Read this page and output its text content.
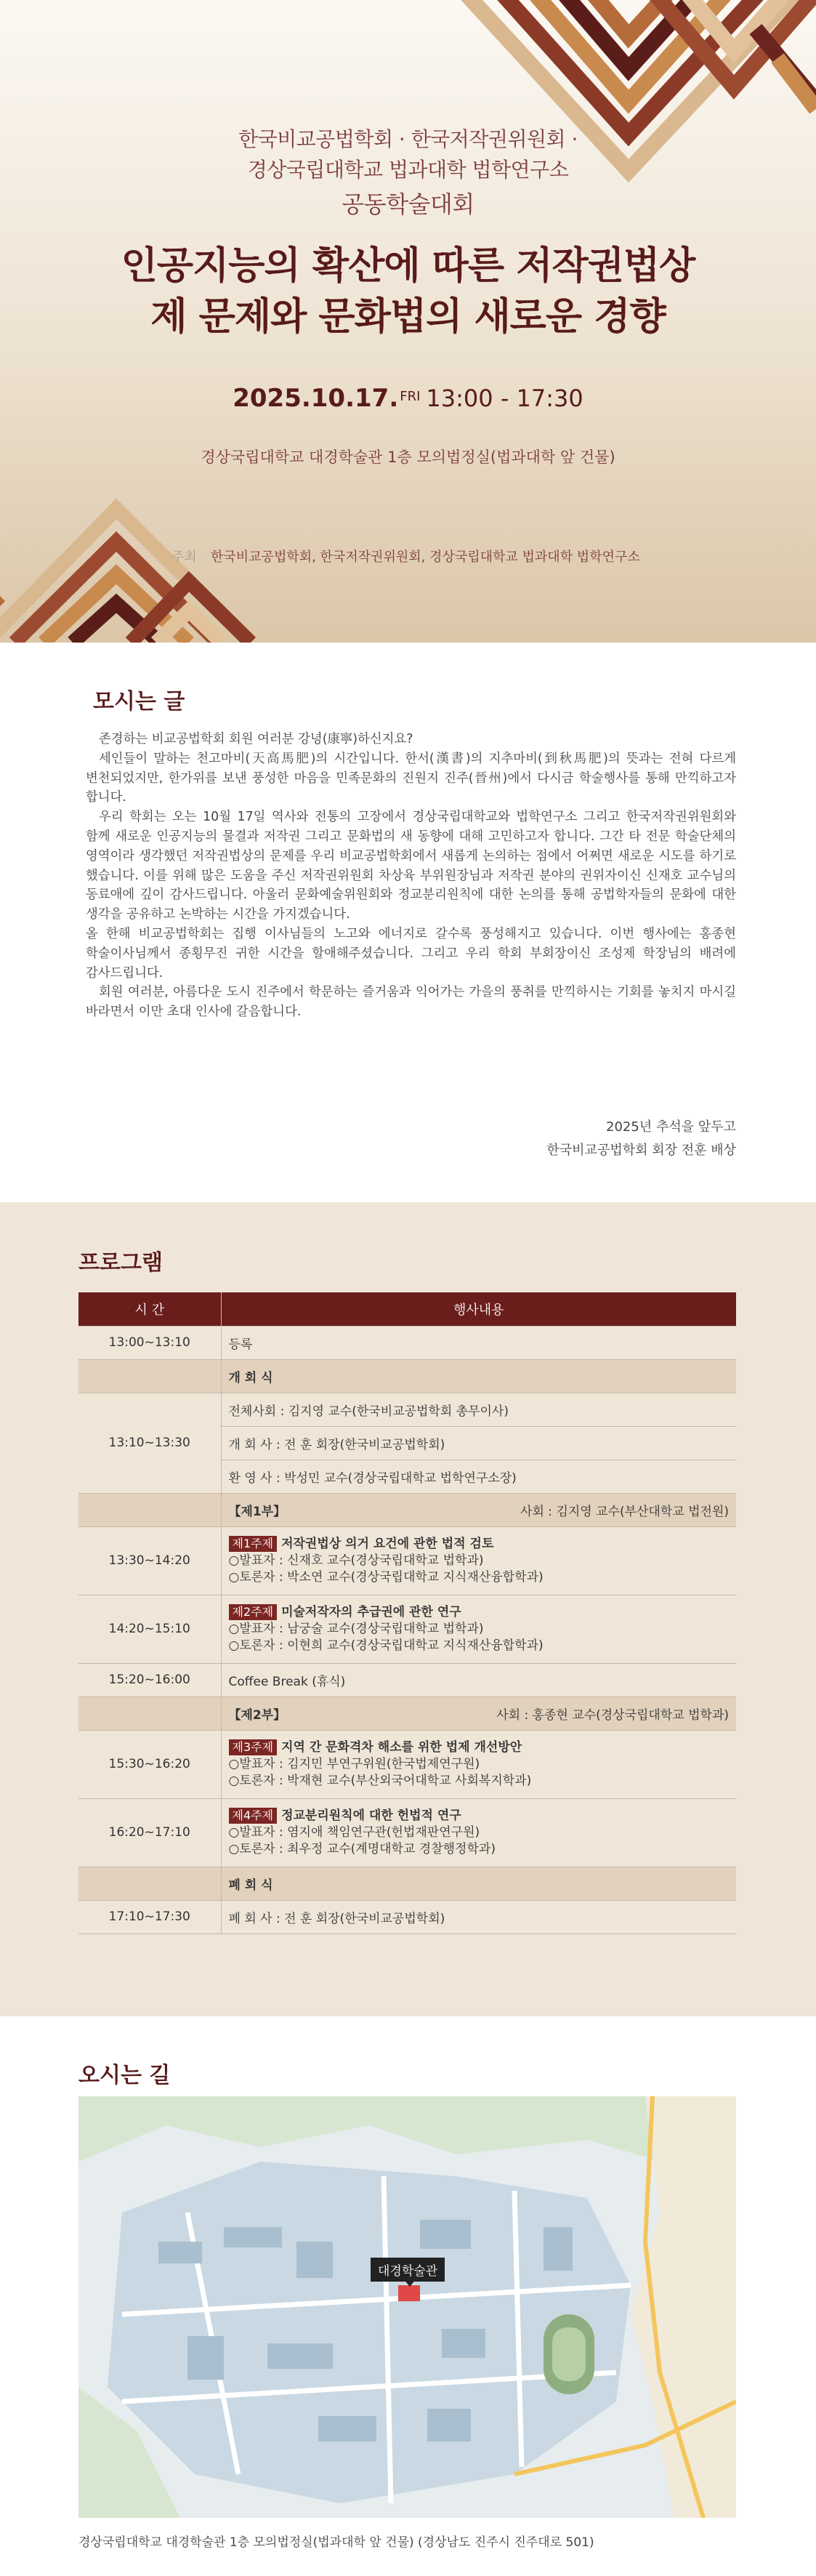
한국비교공법학회 · 한국저작권위원회 ·
경상국립대학교 법과대학 법학연구소
공동학술대회
인공지능의 확산에 따른 저작권법상
제 문제와 문화법의 새로운 경향
2025.10.17. $^{FRI}$ 13:00 - 17:30
경상국립대학교 대경학술관 1층 모의법정실(법과대학 앞 건물)
주최 한국비교공법학회, 한국저작권위원회, 경상국립대학교 법과대학 법학연구소
모시는 글

존경하는 비교공법학회 회원 여러분 강녕(康寧)하신지요?

세인들이 말하는 천고마비(天高馬肥)의 시간입니다. 한서(漢書)의 지추마비(到秋馬肥)의 뜻과는 전혀 다르게 변천되었지만, 한가위를 보낸 풍성한 마음을 민족문화의 진원지 진주(晉州)에서 다시금 학술행사를 통해 만끽하고자 합니다.

우리 학회는 오는 10월 17일 역사와 전통의 고장에서 경상국립대학교와 법학연구소 그리고 한국저작권위원회와 함께 새로운 인공지능의 물결과 저작권 그리고 문화법의 새 동향에 대해 고민하고자 합니다. 그간 타 전문 학술단체의 영역이라 생각했던 저작권법상의 문제를 우리 비교공법학회에서 새롭게 논의하는 점에서 어쩌면 새로운 시도를 하기로 했습니다. 이를 위해 많은 도움을 주신 저작권위원회 차상육 부위원장님과 저작권 분야의 권위자이신 신재호 교수님의 동료애에 깊이 감사드립니다. 아울러 문화예술위원회와 정교분리원칙에 대한 논의를 통해 공법학자들의 문화에 대한 생각을 공유하고 논박하는 시간을 가지겠습니다.

올 한해 비교공법학회는 집행 이사님들의 노고와 에너지로 갈수록 풍성해지고 있습니다. 이번 행사에는 홍종현 학술이사님께서 종횡무진 귀한 시간을 할애해주셨습니다. 그리고 우리 학회 부회장이신 조성제 학장님의 배려에 감사드립니다.

회원 여러분, 아름다운 도시 진주에서 학문하는 즐거움과 익어가는 가을의 풍취를 만끽하시는 기회를 놓치지 마시길 바라면서 이만 초대 인사에 갈음합니다.

2025년 추석을 앞두고
한국비교공법학회 회장 전훈 배상
프로그램
시 간	행사내용
13:00~13:10	등록
	개 회 식
13:10~13:30	전체사회 : 김지영 교수(한국비교공법학회 총무이사)
	개 회 사 : 전 훈 회장(한국비교공법학회)
	환 영 사 : 박성민 교수(경상국립대학교 법학연구소장)
	【제1부】 사회 : 김지영 교수(부산대학교 법전원)

13:30~14:20	제1주제 저작권법상 의거 요건에 관한 법적 검토
○발표자 : 신재호 교수(경상국립대학교 법학과)
○토론자 : 박소연 교수(경상국립대학교 지식재산융합학과)

14:20~15:10	제2주제 미술저작자의 추급권에 관한 연구
○발표자 : 남궁술 교수(경상국립대학교 법학과)
○토론자 : 이현희 교수(경상국립대학교 지식재산융합학과)

15:20~16:00	Coffee Break (휴식)
	【제2부】 사회 : 홍종현 교수(경상국립대학교 법학과)

15:30~16:20	제3주제 지역 간 문화격차 해소를 위한 법제 개선방안
○발표자 : 김지민 부연구위원(한국법제연구원)
○토론자 : 박재현 교수(부산외국어대학교 사회복지학과)

16:20~17:10	제4주제 정교분리원칙에 대한 헌법적 연구
○발표자 : 염지애 책임연구관(헌법재판연구원)
○토론자 : 최우정 교수(계명대학교 경찰행정학과)

	폐 회 식
17:10~17:30	폐 회 사 : 전 훈 회장(한국비교공법학회)
오시는 길
대경학술관
경상국립대학교 대경학술관 1층 모의법정실(법과대학 앞 건물) (경상남도 진주시 진주대로 501)
